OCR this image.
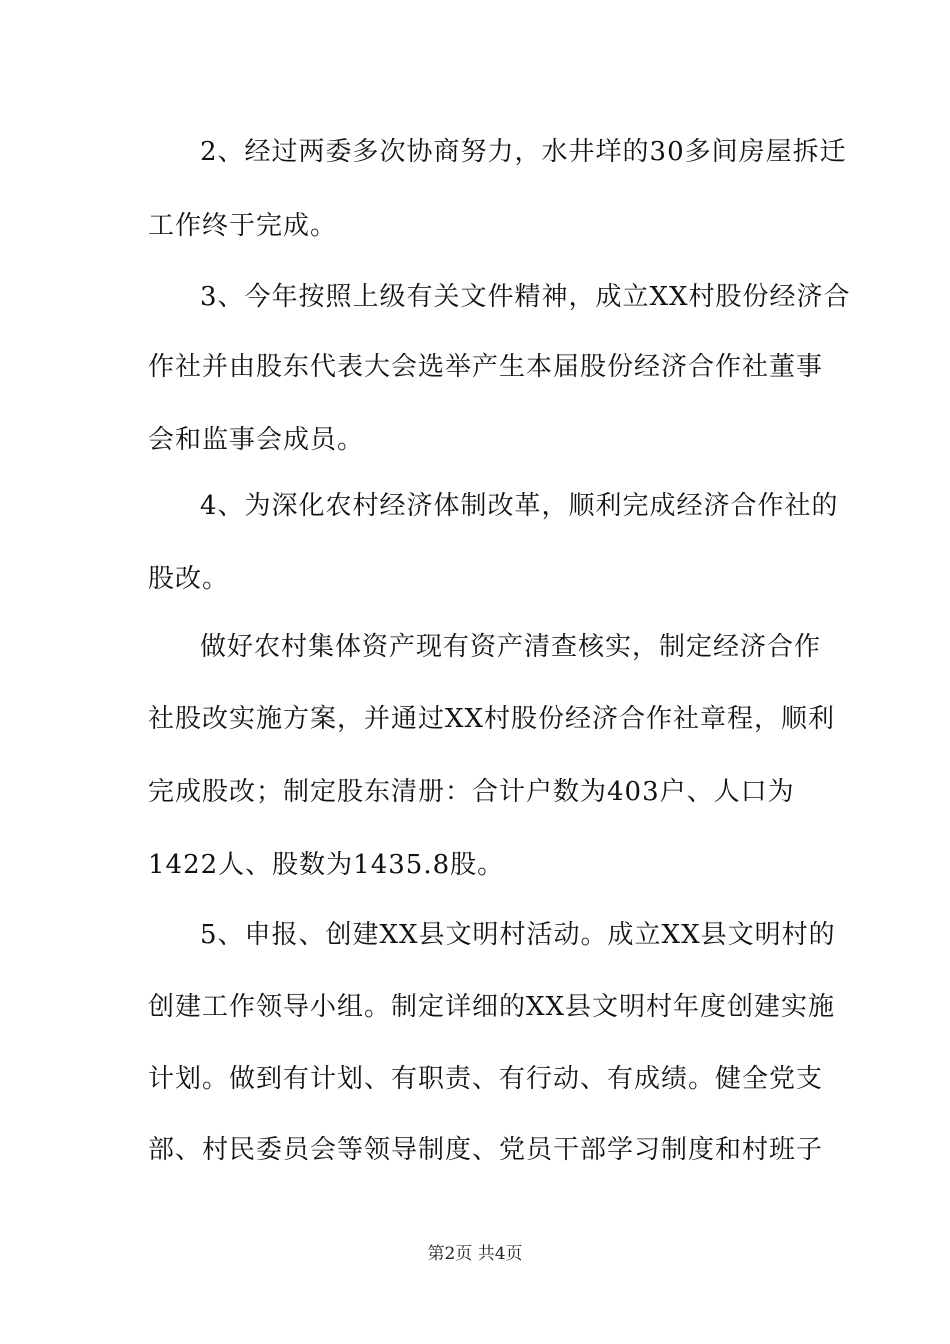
2、经过两委多次协商努力，水井垟的30多间房屋拆迁
工作终于完成。
3、今年按照上级有关文件精神，成立XX村股份经济合
作社并由股东代表大会选举产生本届股份经济合作社董事
会和监事会成员。
4、为深化农村经济体制改革，顺利完成经济合作社的
股改。
做好农村集体资产现有资产清查核实，制定经济合作
社股改实施方案，并通过XX村股份经济合作社章程，顺利
完成股改；制定股东清册：合计户数为403户、人口为
1422人、股数为1435.8股。
5、申报、创建XX县文明村活动。成立XX县文明村的
创建工作领导小组。制定详细的XX县文明村年度创建实施
计划。做到有计划、有职责、有行动、有成绩。健全党支
部、村民委员会等领导制度、党员干部学习制度和村班子
第2页 共4页
